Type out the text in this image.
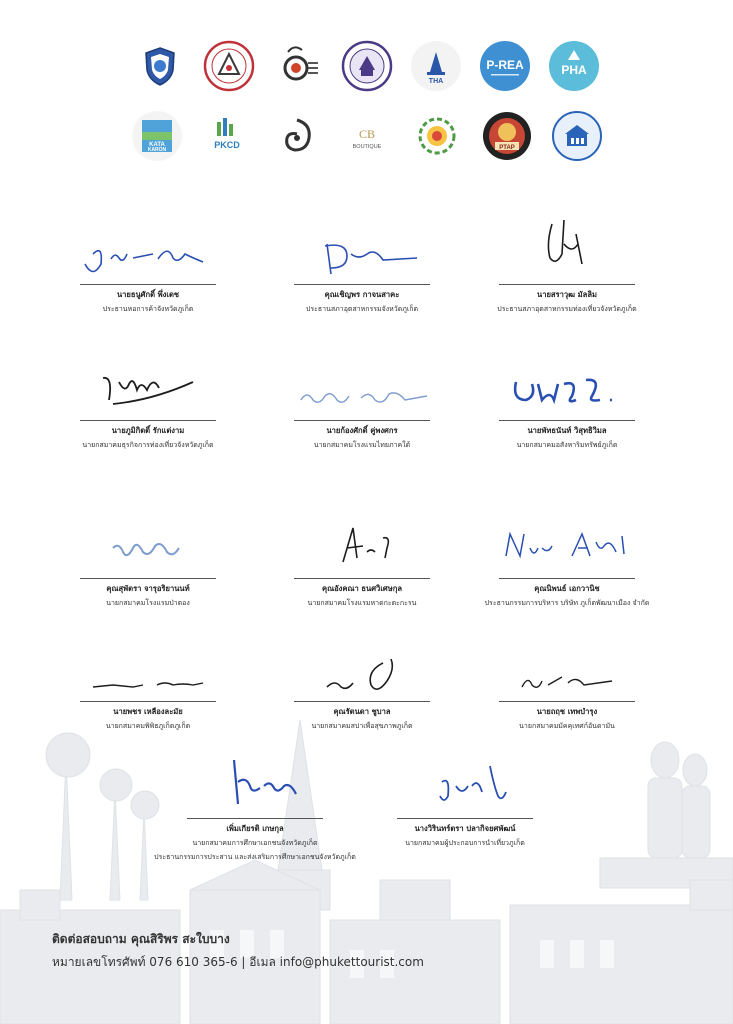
THA
P-REA	PHA
KATA
KARON	PKCD
CB
BOUTIQUE	PTAP
นายธนูศักดิ์ พึ่งเดช
ประธานหอการค้าจังหวัดภูเก็ต
คุณเชิญพร กาจนสาคะ
ประธานสภาอุตสาหกรรมจังหวัดภูเก็ต
นายสราวุฒ มัลลิม
ประธานสภาอุตสาหกรรมท่องเที่ยวจังหวัดภูเก็ต
นายภูมิกิตติ์ รักแต่งาม
นายกสมาคมธุรกิจการท่องเที่ยวจังหวัดภูเก็ต
นายก้องศักดิ์ คู่พงศกร
นายกสมาคมโรงแรมไทยภาคใต้
นายพัทธนันท์ วิสุทธิวิมล
นายกสมาคมอสังหาริมทรัพย์ภูเก็ต
คุณสุพัตรา จารุอริยานนท์
นายกสมาคมโรงแรมป่าตอง
คุณอังคณา ธนศวิเศษกุล
นายกสมาคมโรงแรมหาดกะตะกะรน
คุณนิพนธ์ เอกวานิช
ประธานกรรมการบริหาร บริษัท ภูเก็ตพัฒนาเมือง จำกัด
นายพชร เหลืองละมัย
นายกสมาคมพิพิธภูเก็ตภูเก็ต
คุณรัตนดา ชูบาล
นายกสมาคมสปาเพื่อสุขภาพภูเก็ต
นายถฤช เทพบำรุง
นายกสมาคมมัคคุเทศก์อันดามัน
เพิ่มเกียรติ เกษกุล
นายกสมาคมการศึกษาเอกชนจังหวัดภูเก็ต
ประธานกรรมการประสาน และส่งเสริมการศึกษาเอกชนจังหวัดภูเก็ต
นางวิรินทร์ตรา ปลากิจยศพัฒน์
นายกสมาคมผู้ประกอบการนำเที่ยวภูเก็ต
ติดต่อสอบถาม คุณสิริพร สะใบบาง
หมายเลขโทรศัพท์ 076 610 365-6 | อีเมล info@phukettourist.com
